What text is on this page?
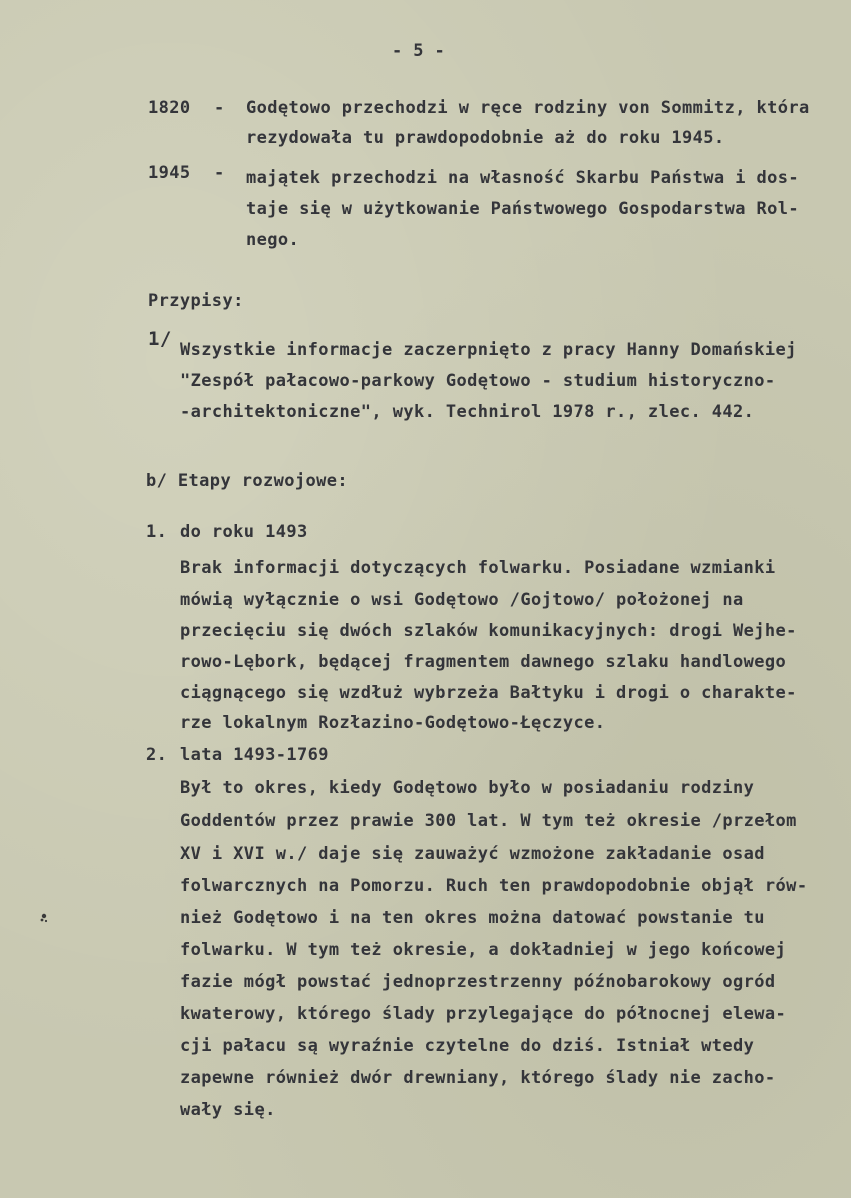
- 5 -
1820 - Godętowo przechodzi w ręce rodziny von Sommitz, która
rezydowała tu prawdopodobnie aż do roku 1945.
1945 - majątek przechodzi na własność Skarbu Państwa i dos-
taje się w użytkowanie Państwowego Gospodarstwa Rol-
nego.
Przypisy:
1/ Wszystkie informacje zaczerpnięto z pracy Hanny Domańskiej
"Zespół pałacowo-parkowy Godętowo - studium historyczno-
-architektoniczne", wyk. Technirol 1978 r., zlec. 442.
b/ Etapy rozwojowe:
1. do roku 1493
Brak informacji dotyczących folwarku. Posiadane wzmianki
mówią wyłącznie o wsi Godętowo /Gojtowo/ położonej na
przecięciu się dwóch szlaków komunikacyjnych: drogi Wejhe-
rowo-Lębork, będącej fragmentem dawnego szlaku handlowego
ciągnącego się wzdłuż wybrzeża Bałtyku i drogi o charakte-
rze lokalnym Rozłazino-Godętowo-Łęczyce.
2. lata 1493-1769
Był to okres, kiedy Godętowo było w posiadaniu rodziny
Goddentów przez prawie 300 lat. W tym też okresie /przełom
XV i XVI w./ daje się zauważyć wzmożone zakładanie osad
folwarcznych na Pomorzu. Ruch ten prawdopodobnie objął rów-
nież Godętowo i na ten okres można datować powstanie tu
folwarku. W tym też okresie, a dokładniej w jego końcowej
fazie mógł powstać jednoprzestrzenny późnobarokowy ogród
kwaterowy, którego ślady przylegające do północnej elewa-
cji pałacu są wyraźnie czytelne do dziś. Istniał wtedy
zapewne również dwór drewniany, którego ślady nie zacho-
wały się.
